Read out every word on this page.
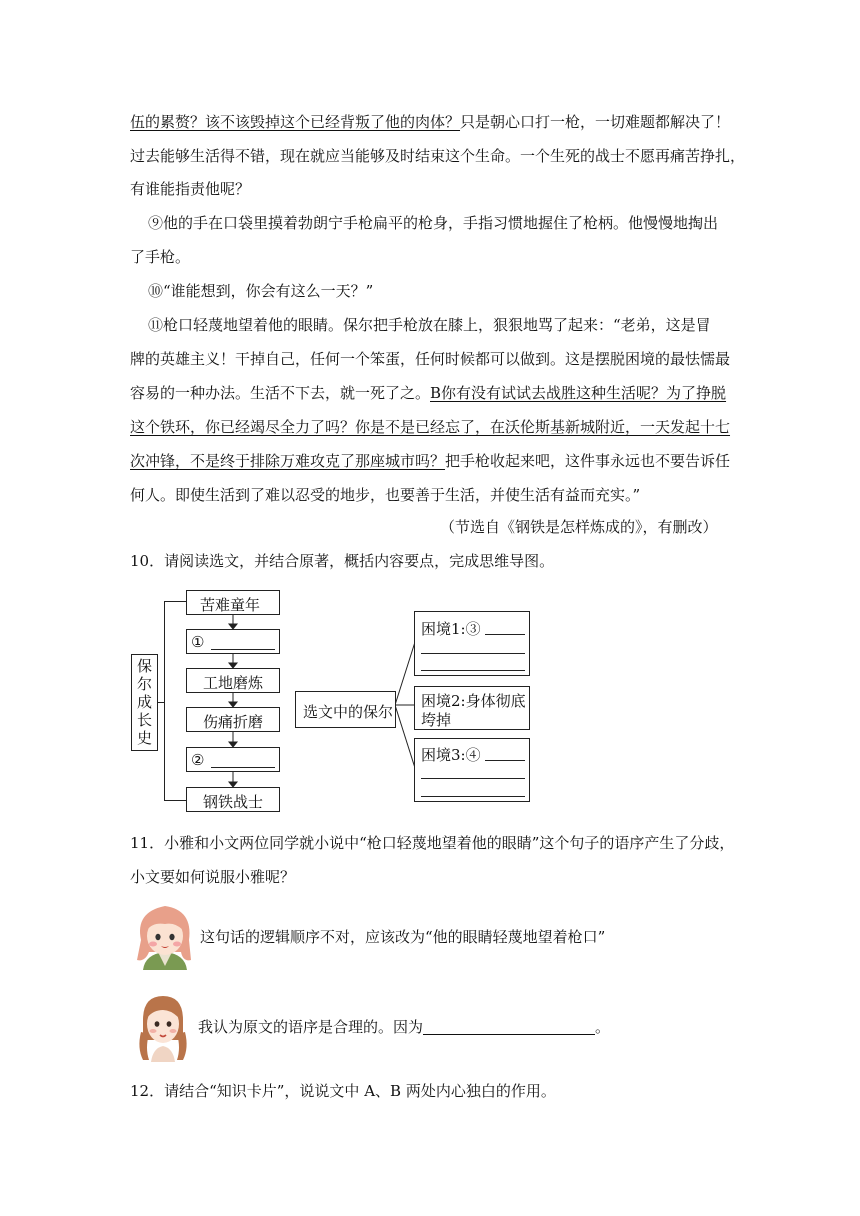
伍的累赘？该不该毁掉这个已经背叛了他的肉体？只是朝心口打一枪，一切难题都解决了！
过去能够生活得不错，现在就应当能够及时结束这个生命。一个生死的战士不愿再痛苦挣扎，
有谁能指责他呢？
⑨他的手在口袋里摸着勃朗宁手枪扁平的枪身，手指习惯地握住了枪柄。他慢慢地掏出
了手枪。
⑩“谁能想到，你会有这么一天？”
⑪枪口轻蔑地望着他的眼睛。保尔把手枪放在膝上，狠狠地骂了起来：“老弟，这是冒
牌的英雄主义！干掉自己，任何一个笨蛋，任何时候都可以做到。这是摆脱困境的最怯懦最
容易的一种办法。生活不下去，就一死了之。B你有没有试试去战胜这种生活呢？为了挣脱
这个铁环，你已经竭尽全力了吗？你是不是已经忘了，在沃伦斯基新城附近，一天发起十七
次冲锋，不是终于排除万难攻克了那座城市吗？把手枪收起来吧，这件事永远也不要告诉任
何人。即使生活到了难以忍受的地步，也要善于生活，并使生活有益而充实。”
（节选自《钢铁是怎样炼成的》，有删改）
10．请阅读选文，并结合原著，概括内容要点，完成思维导图。
保
尔
成
长
史
苦难童年
①
工地磨炼
伤痛折磨
②
钢铁战士
选文中的保尔
困境1:③
困境2:身体彻底
垮掉
困境3:④
11．小雅和小文两位同学就小说中“枪口轻蔑地望着他的眼睛”这个句子的语序产生了分歧，
小文要如何说服小雅呢？
这句话的逻辑顺序不对，应该改为“他的眼睛轻蔑地望着枪口”
我认为原文的语序是合理的。因为	。
12．请结合“知识卡片”，说说文中 A、B 两处内心独白的作用。
